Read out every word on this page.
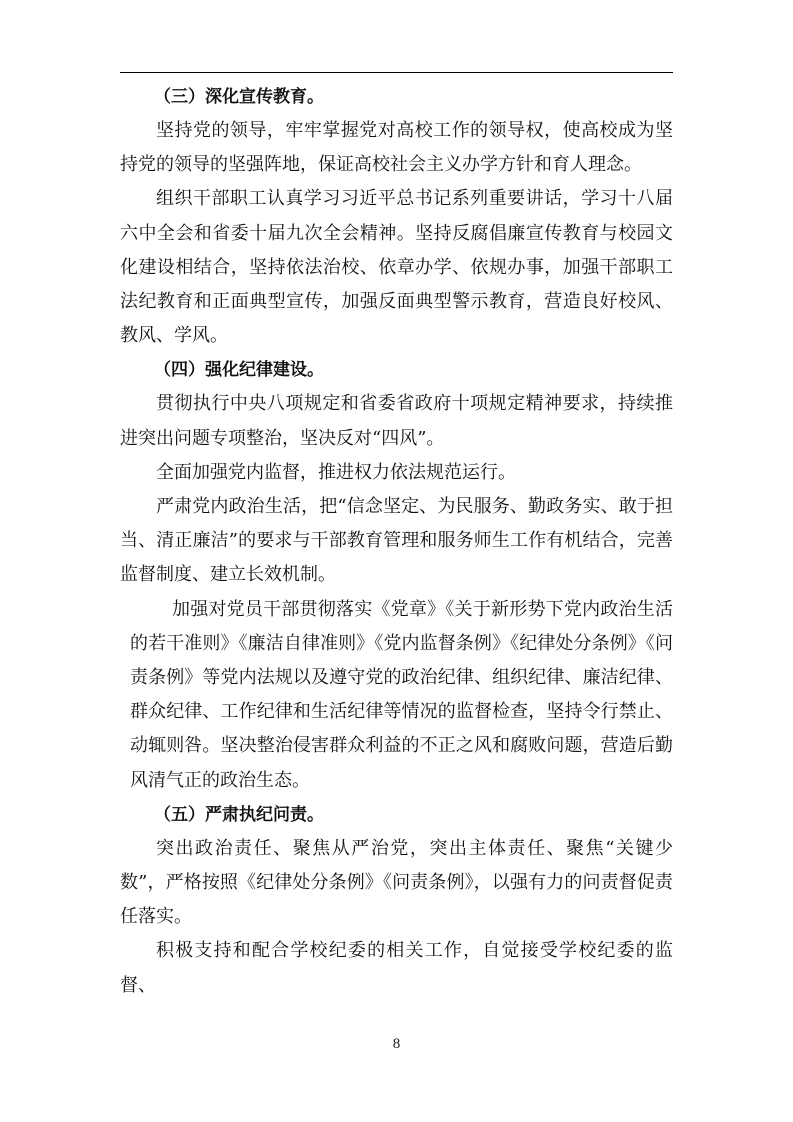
（三）深化宣传教育。

坚持党的领导，牢牢掌握党对高校工作的领导权，使高校成为坚持党的领导的坚强阵地，保证高校社会主义办学方针和育人理念。

组织干部职工认真学习习近平总书记系列重要讲话，学习十八届六中全会和省委十届九次全会精神。坚持反腐倡廉宣传教育与校园文化建设相结合，坚持依法治校、依章办学、依规办事，加强干部职工法纪教育和正面典型宣传，加强反面典型警示教育，营造良好校风、教风、学风。

（四）强化纪律建设。

贯彻执行中央八项规定和省委省政府十项规定精神要求，持续推进突出问题专项整治，坚决反对“四风”。

全面加强党内监督，推进权力依法规范运行。

严肃党内政治生活，把“信念坚定、为民服务、勤政务实、敢于担当、清正廉洁”的要求与干部教育管理和服务师生工作有机结合，完善监督制度、建立长效机制。

加强对党员干部贯彻落实《党章》《关于新形势下党内政治生活的若干准则》《廉洁自律准则》《党内监督条例》《纪律处分条例》《问责条例》等党内法规以及遵守党的政治纪律、组织纪律、廉洁纪律、群众纪律、工作纪律和生活纪律等情况的监督检查，坚持令行禁止、动辄则咎。坚决整治侵害群众利益的不正之风和腐败问题，营造后勤风清气正的政治生态。

（五）严肃执纪问责。

突出政治责任、聚焦从严治党，突出主体责任、聚焦“关键少数”，严格按照《纪律处分条例》《问责条例》，以强有力的问责督促责任落实。

积极支持和配合学校纪委的相关工作，自觉接受学校纪委的监督、

8
